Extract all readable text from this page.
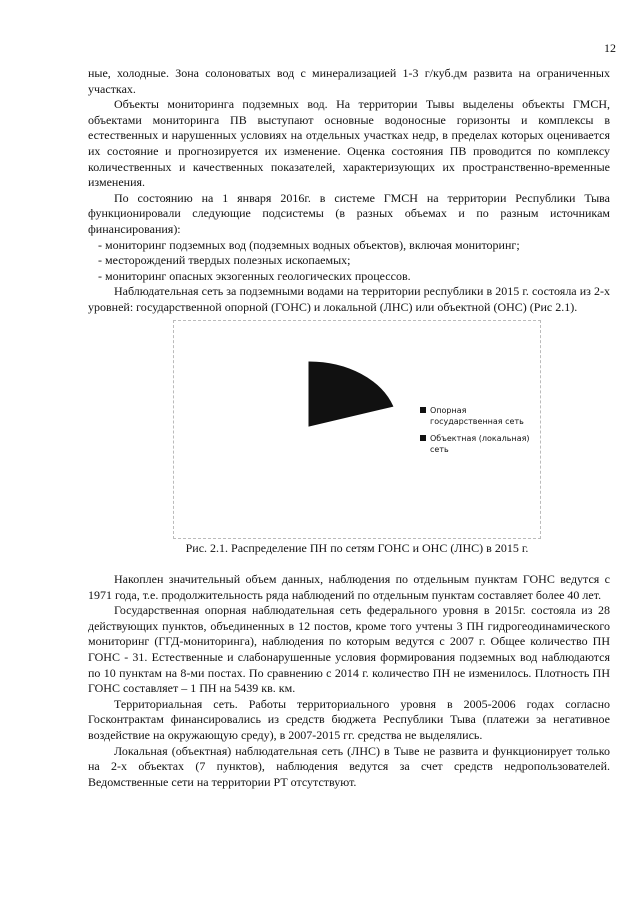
12

ные, холодные. Зона солоноватых вод с минерализацией 1-3 г/куб.дм развита на ограниченных участках.

Объекты мониторинга подземных вод. На территории Тывы выделены объекты ГМСН, объектами мониторинга ПВ выступают основные водоносные горизонты и комплексы в естественных и нарушенных условиях на отдельных участках недр, в пределах которых оценивается их состояние и прогнозируется их изменение. Оценка состояния ПВ проводится по комплексу количественных и качественных показателей, характеризующих их пространственно-временные изменения.

По состоянию на 1 января 2016г. в системе ГМСН на территории Республики Тыва функционировали следующие подсистемы (в разных объемах и по разным источникам финансирования):

- мониторинг подземных вод (подземных водных объектов), включая мониторинг;

- месторождений твердых полезных ископаемых;

- мониторинг опасных экзогенных геологических процессов.

Наблюдательная сеть за подземными водами на территории республики в 2015 г. состояла из 2-х уровней: государственной опорной (ГОНС) и локальной (ЛНС) или объектной (ОНС) (Рис 2.1).

Опорная государственная сеть
Объектная (локальная) сеть
Рис. 2.1. Распределение ПН по сетям ГОНС и ОНС (ЛНС) в 2015 г.

Накоплен значительный объем данных, наблюдения по отдельным пунктам ГОНС ведутся с 1971 года, т.е. продолжительность ряда наблюдений по отдельным пунктам составляет более 40 лет.

Государственная опорная наблюдательная сеть федерального уровня в 2015г. состояла из 28 действующих пунктов, объединенных в 12 постов, кроме того учтены 3 ПН гидрогеодинамического мониторинг (ГГД-мониторинга), наблюдения по которым ведутся с 2007 г. Общее количество ПН ГОНС - 31. Естественные и слабонарушенные условия формирования подземных вод наблюдаются по 10 пунктам на 8-ми постах. По сравнению с 2014 г. количество ПН не изменилось. Плотность ПН ГОНС составляет – 1 ПН на 5439 кв. км.

Территориальная сеть. Работы территориального уровня в 2005-2006 годах согласно Госконтрактам финансировались из средств бюджета Республики Тыва (платежи за негативное воздействие на окружающую среду), в 2007-2015 гг. средства не выделялись.

Локальная (объектная) наблюдательная сеть (ЛНС) в Тыве не развита и функционирует только на 2-х объектах (7 пунктов), наблюдения ведутся за счет средств недропользователей. Ведомственные сети на территории РТ отсутствуют.
